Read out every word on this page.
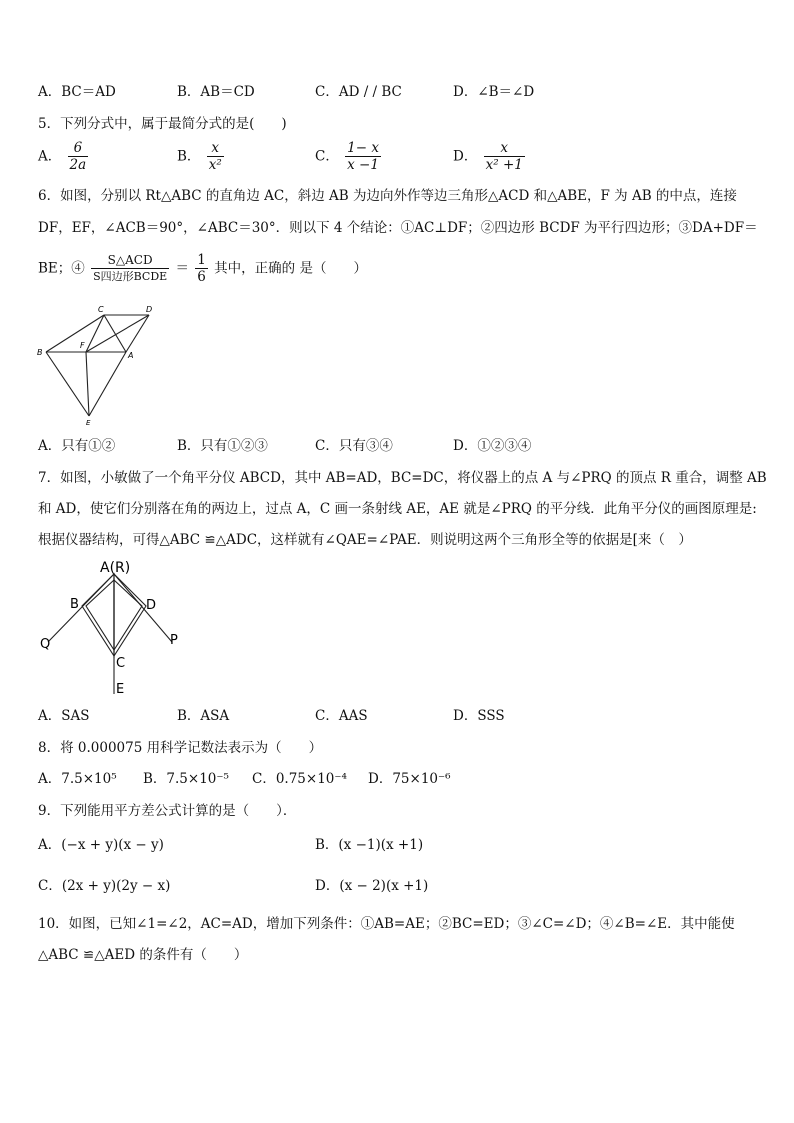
A．BC＝AD	B．AB＝CD	C．AD / / BC	D．∠B＝∠D
5．下列分式中，属于最简分式的是(　　)
A． $\frac{6}{2a}$	B． $\frac{x}{\text{x²}}$	C． $\frac{1- x}{x -1}$	D． $\frac{x}{\text{x² +1}}$
6．如图，分别以 Rt△ABC 的直角边 AC，斜边 AB 为边向外作等边三角形△ACD 和△ABE，F 为 AB 的中点，连接
DF，EF，∠ACB＝90°，∠ABC＝30°．则以下 4 个结论：①AC⊥DF；②四边形 BCDF 为平行四边形；③DA+DF＝
BE；④ $\frac{\text{S△ACD}}{\text{S四边形BCDE}} = \frac{1}{6}$ 其中，正确的 是（　　）
C	D
B
F
A
E
A．只有①②	B．只有①②③	C．只有③④	D．①②③④
7．如图，小敏做了一个角平分仪 ABCD，其中 AB=AD，BC=DC，将仪器上的点 A 与∠PRQ 的顶点 R 重合，调整 AB
和 AD，使它们分别落在角的两边上，过点 A，C 画一条射线 AE，AE 就是∠PRQ 的平分线．此角平分仪的画图原理是:
根据仪器结构，可得△ABC ≌△ADC，这样就有∠QAE=∠PAE．则说明这两个三角形全等的依据是[来（　）
A(R)
B	D
Q	P
C
E
A．SAS	B．ASA	C．AAS	D．SSS
8．将 0.000075 用科学记数法表示为（　　）
A．7.5×10⁵ B．7.5×10⁻⁵ C．0.75×10⁻⁴ D．75×10⁻⁶
9．下列能用平方差公式计算的是（　　）．
A．(−x + y)(x − y)	B．(x −1)(x +1)
C．(2x + y)(2y − x)	D．(x − 2)(x +1)
10．如图，已知∠1=∠2，AC=AD，增加下列条件：①AB=AE；②BC=ED；③∠C=∠D；④∠B=∠E．其中能使
△ABC ≌△AED 的条件有（　　）
